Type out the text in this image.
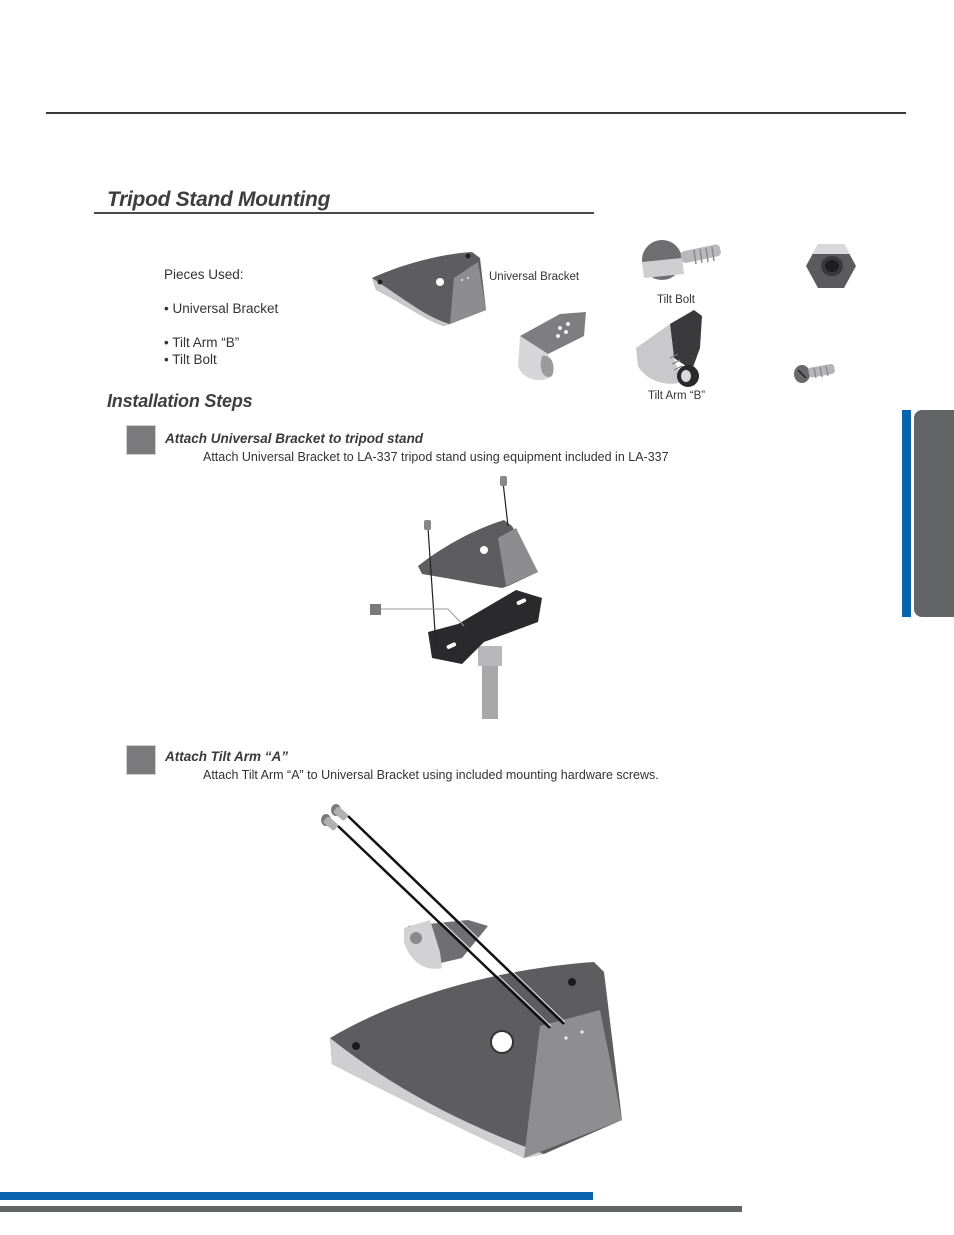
Tripod Stand Mounting
Pieces Used:
• Universal Bracket
• Tilt Arm “B”
• Tilt Bolt
Universal Bracket
Tilt Bolt
Tilt Arm “B”
Installation Steps
Attach Universal Bracket to tripod stand
Attach Universal Bracket to LA-337 tripod stand using equipment included in LA-337
Attach Tilt Arm “A”
Attach Tilt Arm “A” to Universal Bracket using included mounting hardware screws.
